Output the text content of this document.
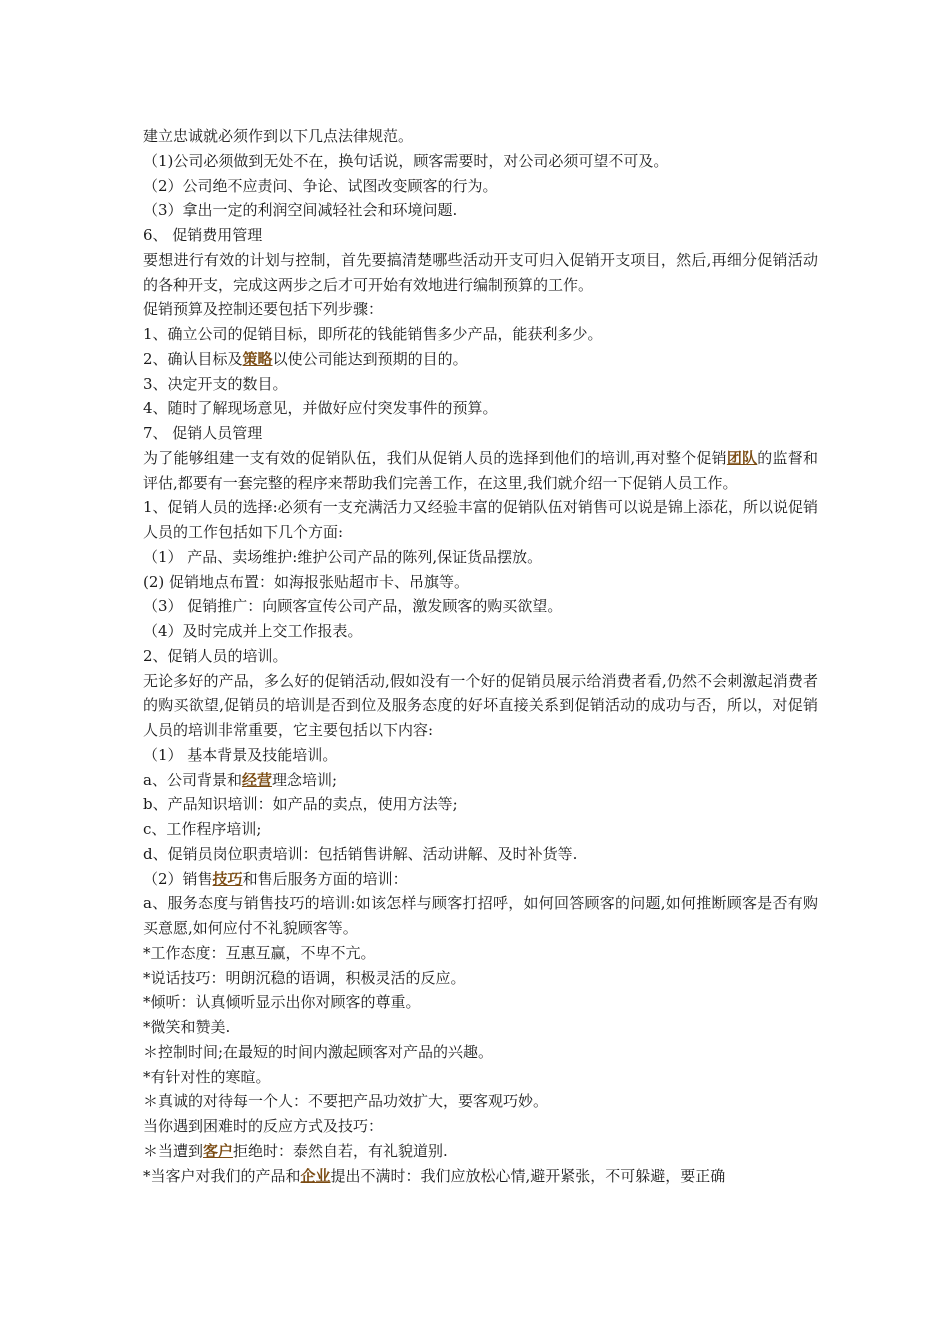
建立忠诚就必须作到以下几点法律规范。

（1)公司必须做到无处不在，换句话说，顾客需要时，对公司必须可望不可及。

（2）公司绝不应责问、争论、试图改变顾客的行为。

（3）拿出一定的利润空间减轻社会和环境问题.

6、 促销费用管理

要想进行有效的计划与控制，首先要搞清楚哪些活动开支可归入促销开支项目，然后,再细分促销活动的各种开支，完成这两步之后才可开始有效地进行编制预算的工作。

促销预算及控制还要包括下列步骤：

1、确立公司的促销目标，即所花的钱能销售多少产品，能获利多少。

2、确认目标及策略以使公司能达到预期的目的。

3、决定开支的数目。

4、随时了解现场意见，并做好应付突发事件的预算。

7、 促销人员管理

为了能够组建一支有效的促销队伍，我们从促销人员的选择到他们的培训,再对整个促销团队的监督和评估,都要有一套完整的程序来帮助我们完善工作，在这里,我们就介绍一下促销人员工作。

1、促销人员的选择:必须有一支充满活力又经验丰富的促销队伍对销售可以说是锦上添花，所以说促销人员的工作包括如下几个方面:

（1） 产品、卖场维护:维护公司产品的陈列,保证货品摆放。

(2) 促销地点布置：如海报张贴超市卡、吊旗等。

（3） 促销推广：向顾客宣传公司产品，激发顾客的购买欲望。

（4）及时完成并上交工作报表。

2、促销人员的培训。

无论多好的产品，多么好的促销活动,假如没有一个好的促销员展示给消费者看,仍然不会刺激起消费者的购买欲望,促销员的培训是否到位及服务态度的好坏直接关系到促销活动的成功与否，所以，对促销人员的培训非常重要，它主要包括以下内容:

（1） 基本背景及技能培训。

a、公司背景和经营理念培训;

b、产品知识培训：如产品的卖点，使用方法等;

c、工作程序培训;

d、促销员岗位职责培训：包括销售讲解、活动讲解、及时补货等.

（2）销售技巧和售后服务方面的培训：

a、服务态度与销售技巧的培训:如该怎样与顾客打招呼，如何回答顾客的问题,如何推断顾客是否有购买意愿,如何应付不礼貌顾客等。

*工作态度：互惠互赢，不卑不亢。

*说话技巧：明朗沉稳的语调，积极灵活的反应。

*倾听：认真倾听显示出你对顾客的尊重。

*微笑和赞美.

＊控制时间;在最短的时间内激起顾客对产品的兴趣。

*有针对性的寒暄。

＊真诚的对待每一个人：不要把产品功效扩大，要客观巧妙。

当你遇到困难时的反应方式及技巧：

＊当遭到客户拒绝时：泰然自若，有礼貌道别.

*当客户对我们的产品和企业提出不满时：我们应放松心情,避开紧张，不可躲避，要正确
